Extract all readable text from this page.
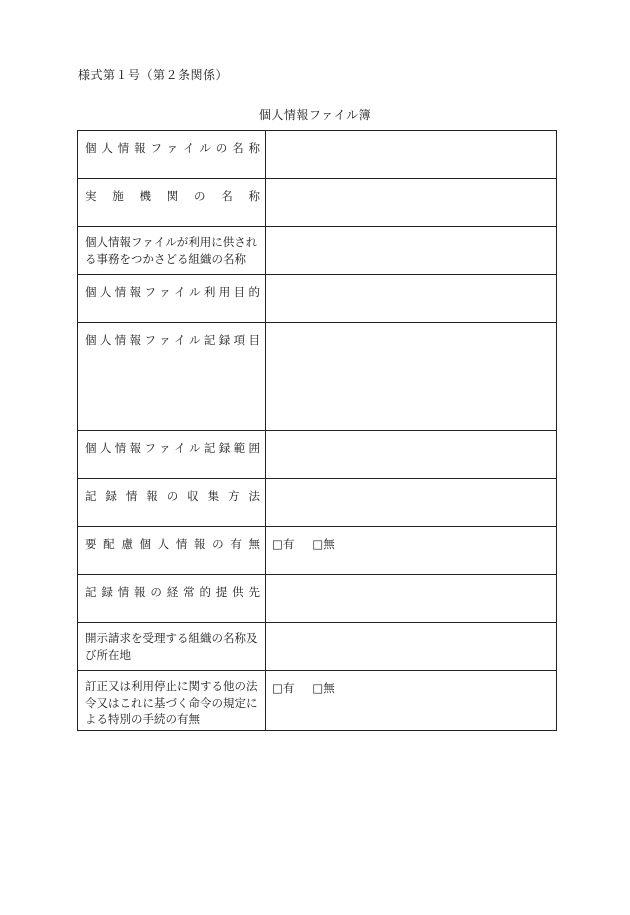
様式第１号（第２条関係）
個人情報ファイル簿
個人情報ファイルの名称	

実施機関の名称	

個人情報ファイルが利用に供される事務をつかさどる組織の名称	

個人情報ファイル利用目的	

個人情報ファイル記録項目	

個人情報ファイル記録範囲	

記録情報の収集方法	

要配慮個人情報の有無	□有 □無

記録情報の経常的提供先	

開示請求を受理する組織の名称及び所在地	

訂正又は利用停止に関する他の法令又はこれに基づく命令の規定による特別の手続の有無	□有 □無
